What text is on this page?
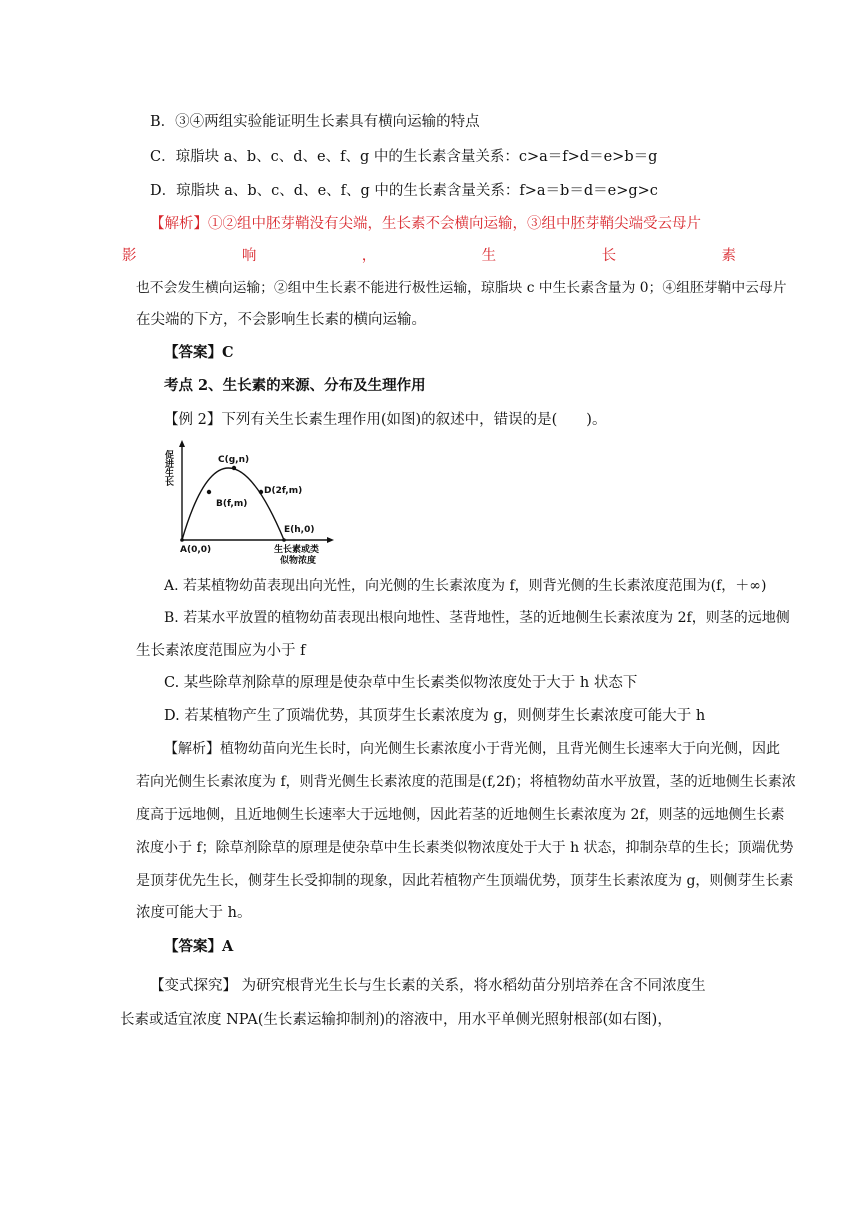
B．③④两组实验能证明生长素具有横向运输的特点
C．琼脂块 a、b、c、d、e、f、g 中的生长素含量关系：c>a＝f>d＝e>b＝g
D．琼脂块 a、b、c、d、e、f、g 中的生长素含量关系：f>a＝b＝d＝e>g>c
【解析】①②组中胚芽鞘没有尖端，生长素不会横向运输，③组中胚芽鞘尖端受云母片
影	响	，	生	长	素
也不会发生横向运输；②组中生长素不能进行极性运输，琼脂块 c 中生长素含量为 0；④组胚芽鞘中云母片
在尖端的下方，不会影响生长素的横向运输。
【答案】C
考点 2、生长素的来源、分布及生理作用
【例 2】下列有关生长素生理作用(如图)的叙述中，错误的是(　　)。
促进生长	C(g,n)
D(2f,m)
B(f,m)
E(h,0)
A(0,0)	生长素或类
似物浓度
A. 若某植物幼苗表现出向光性，向光侧的生长素浓度为 f，则背光侧的生长素浓度范围为(f，＋∞)
B. 若某水平放置的植物幼苗表现出根向地性、茎背地性，茎的近地侧生长素浓度为 2f，则茎的远地侧
生长素浓度范围应为小于 f
C. 某些除草剂除草的原理是使杂草中生长素类似物浓度处于大于 h 状态下
D. 若某植物产生了顶端优势，其顶芽生长素浓度为 g，则侧芽生长素浓度可能大于 h
【解析】植物幼苗向光生长时，向光侧生长素浓度小于背光侧，且背光侧生长速率大于向光侧，因此
若向光侧生长素浓度为 f，则背光侧生长素浓度的范围是(f,2f)；将植物幼苗水平放置，茎的近地侧生长素浓
度高于远地侧，且近地侧生长速率大于远地侧，因此若茎的近地侧生长素浓度为 2f，则茎的远地侧生长素
浓度小于 f；除草剂除草的原理是使杂草中生长素类似物浓度处于大于 h 状态，抑制杂草的生长；顶端优势
是顶芽优先生长，侧芽生长受抑制的现象，因此若植物产生顶端优势，顶芽生长素浓度为 g，则侧芽生长素
浓度可能大于 h。
【答案】A
【变式探究】 为研究根背光生长与生长素的关系，将水稻幼苗分别培养在含不同浓度生
长素或适宜浓度 NPA(生长素运输抑制剂)的溶液中，用水平单侧光照射根部(如右图)，
